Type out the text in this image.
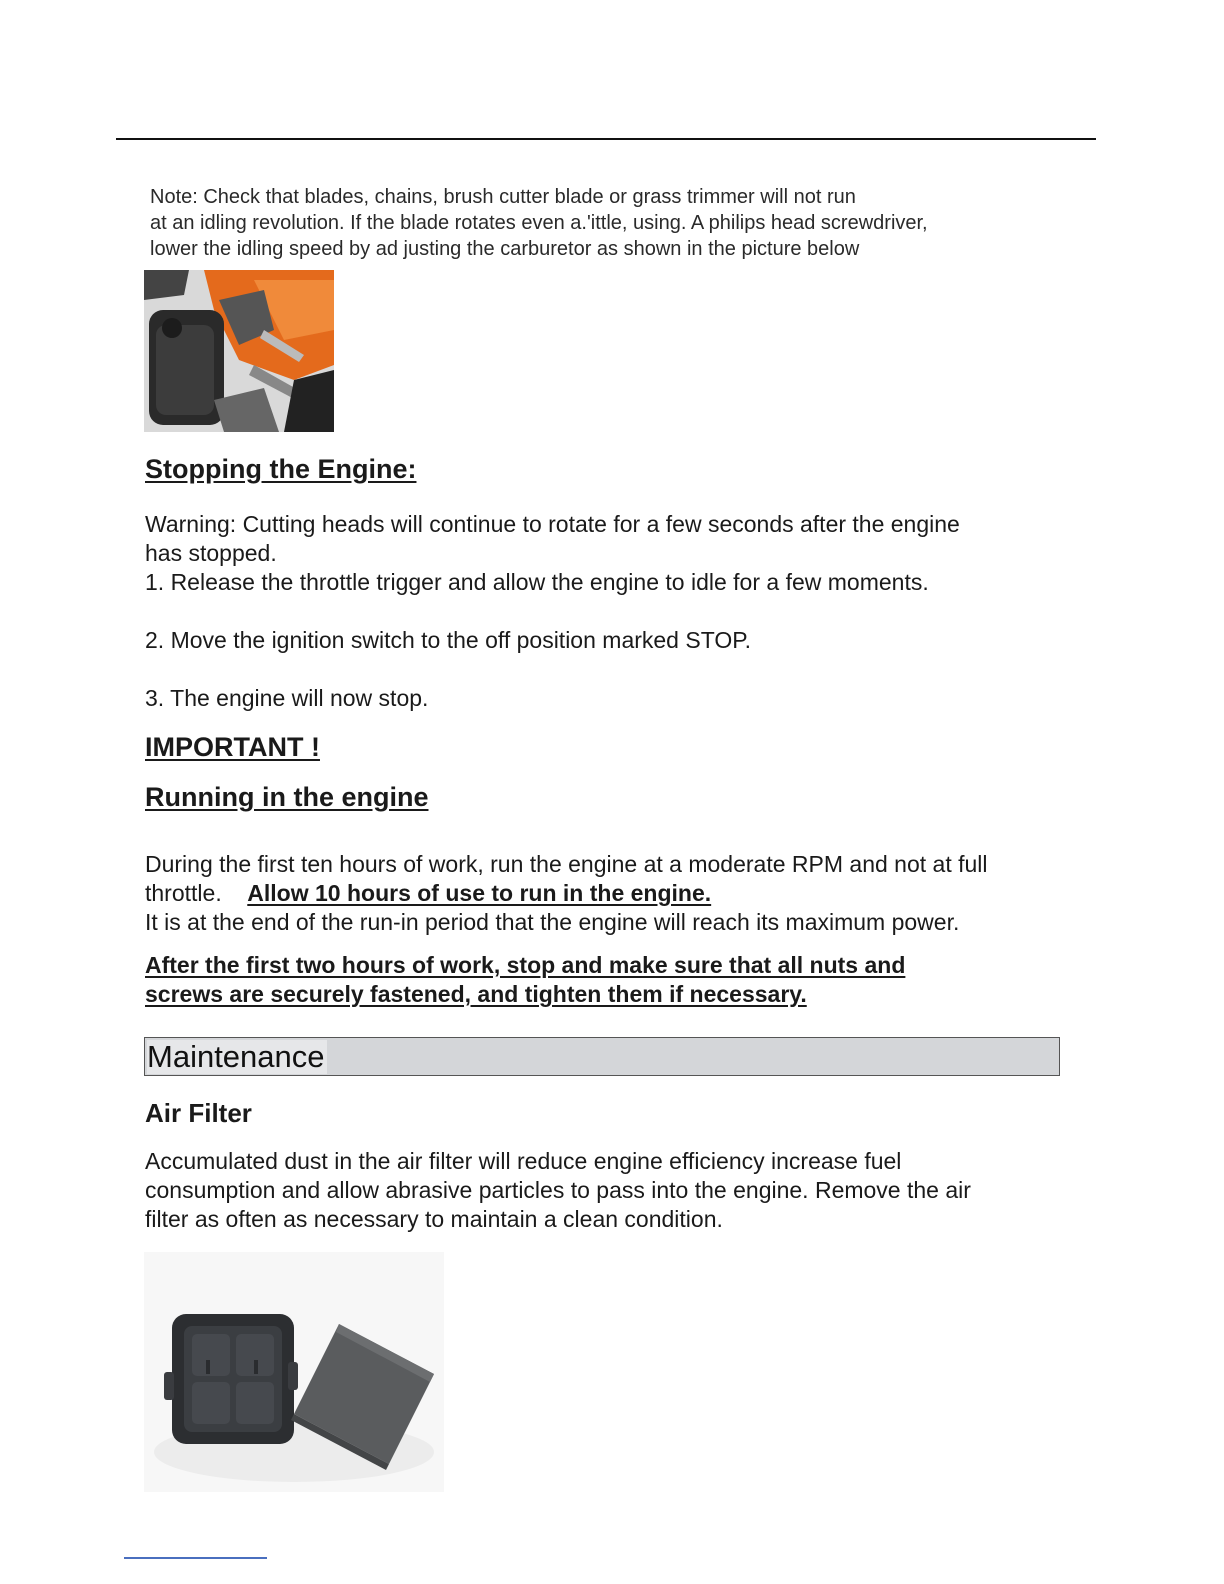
Note: Check that blades, chains, brush cutter blade or grass trimmer will not run
at an idling revolution. If the blade rotates even a.'ittle, using. A philips head screwdriver,
lower the idling speed by ad justing the carburetor as shown in the picture below
Stopping the Engine:
Warning: Cutting heads will continue to rotate for a few seconds after the engine
has stopped.
1. Release the throttle trigger and allow the engine to idle for a few moments.
2. Move the ignition switch to the off position marked STOP.
3. The engine will now stop.
IMPORTANT !
Running in the engine
During the first ten hours of work, run the engine at a moderate RPM and not at full
throttle. Allow 10 hours of use to run in the engine.
It is at the end of the run-in period that the engine will reach its maximum power.
After the first two hours of work, stop and make sure that all nuts and
screws are securely fastened, and tighten them if necessary.
Maintenance
Air Filter
Accumulated dust in the air filter will reduce engine efficiency increase fuel
consumption and allow abrasive particles to pass into the engine. Remove the air
filter as often as necessary to maintain a clean condition.
